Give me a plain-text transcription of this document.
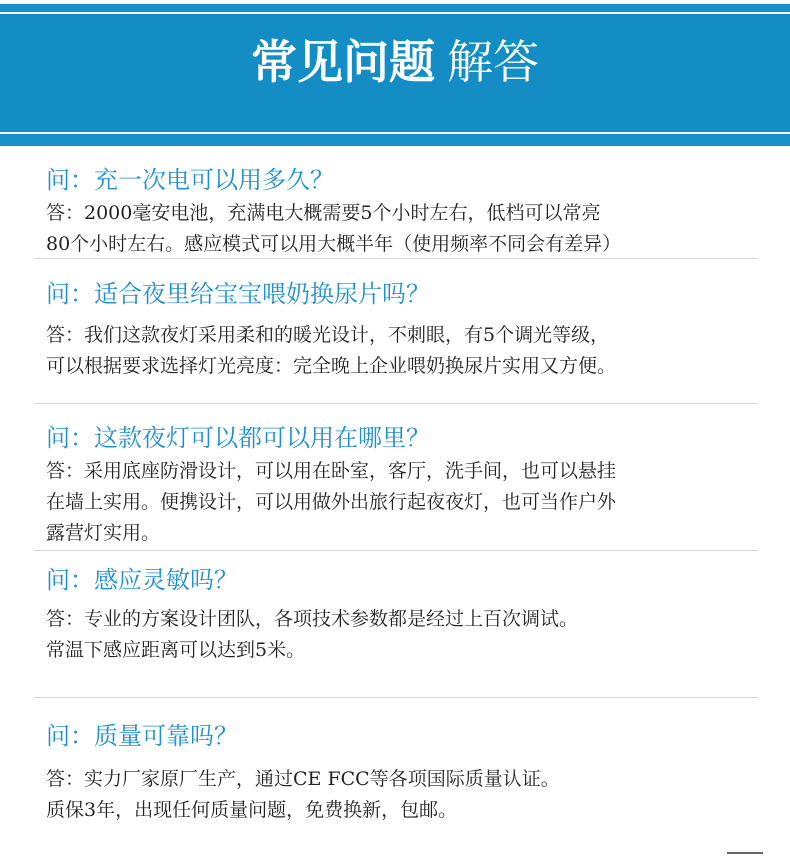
常见问题 解答
问：充一次电可以用多久？
答：2000毫安电池，充满电大概需要5个小时左右，低档可以常亮
80个小时左右。感应模式可以用大概半年（使用频率不同会有差异）
问：适合夜里给宝宝喂奶换尿片吗？
答：我们这款夜灯采用柔和的暖光设计，不刺眼，有5个调光等级，
可以根据要求选择灯光亮度：完全晚上企业喂奶换尿片实用又方便。
问：这款夜灯可以都可以用在哪里？
答：采用底座防滑设计，可以用在卧室，客厅，洗手间，也可以悬挂
在墙上实用。便携设计，可以用做外出旅行起夜夜灯，也可当作户外
露营灯实用。
问：感应灵敏吗？
答：专业的方案设计团队，各项技术参数都是经过上百次调试。
常温下感应距离可以达到5米。
问：质量可靠吗？
答：实力厂家原厂生产，通过CE FCC等各项国际质量认证。
质保3年，出现任何质量问题，免费换新，包邮。
